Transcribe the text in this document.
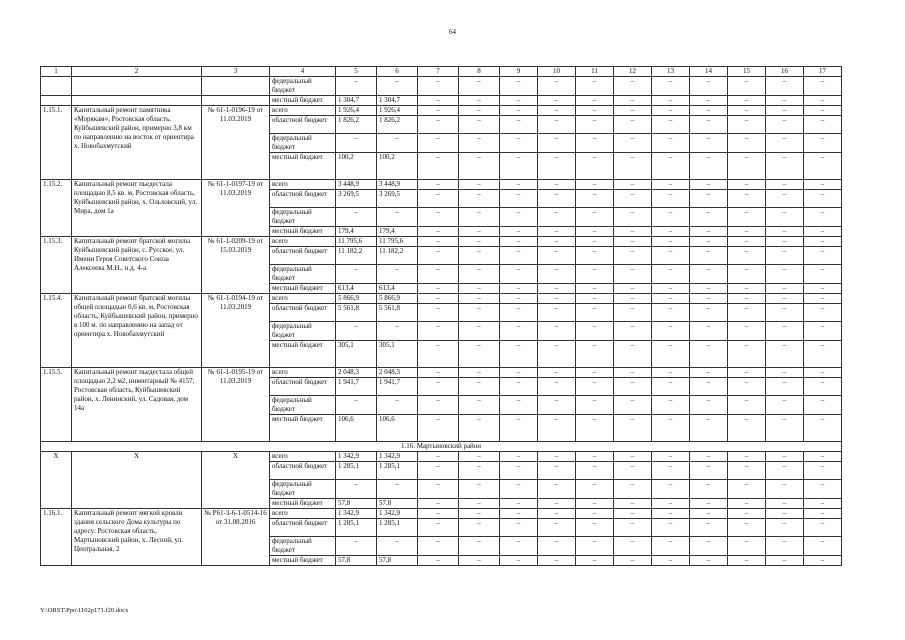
64
1	2	3	4	5	6	7	8	9	10	11	12	13	14	15	16	17
			федеральный бюджет	–	–	–	–	–	–	–	–	–	–	–	–	–
			местный бюджет	1 304,7	1 304,7	–	–	–	–	–	–	–	–	–	–	–
1.15.1.	Капитальный ремонт памятника «Морякам», Ростовская область, Куйбышевский район, примерно 3,8 км по направлению на восток от ориентира х. Новобахмутский	№ 61-1-0196-19 от 11.03.2019	всего	1 926,4	1 926,4	–	–	–	–	–	–	–	–	–	–	–
			областной бюджет	1 826,2	1 826,2	–	–	–	–	–	–	–	–	–	–	–
			федеральный бюджет	–	–	–	–	–	–	–	–	–	–	–	–	–
			местный бюджет	100,2	100,2	–	–	–	–	–	–	–	–	–	–	–
1.15.2.	Капитальный ремонт пьедестала площадью 8,5 кв. м, Ростовская область, Куйбышевский район, х. Ольховский, ул. Мира, дом 1а	№ 61-1-0197-19 от 11.03.2019	всего	3 448,9	3 448,9	–	–	–	–	–	–	–	–	–	–	–
			областной бюджет	3 269,5	3 269,5	–	–	–	–	–	–	–	–	–	–	–
			федеральный бюджет	–	–	–	–	–	–	–	–	–	–	–	–	–
			местный бюджет	179,4	179,4	–	–	–	–	–	–	–	–	–	–	–
1.15.3.	Капитальный ремонт братской могилы Куйбышевский район, с. Русское, ул. Имени Героя Советского Союза Алексеева М.Н., н.д. 4-а	№ 61-1-0209-19 от 15.03.2019	всего	11 795,6	11 795,6	–	–	–	–	–	–	–	–	–	–	–
			областной бюджет	11 182,2	11 182,2	–	–	–	–	–	–	–	–	–	–	–
			федеральный бюджет	–	–	–	–	–	–	–	–	–	–	–	–	–
			местный бюджет	613,4	613,4	–	–	–	–	–	–	–	–	–	–	–
1.15.4.	Капитальный ремонт братской могилы общей площадью 0,6 кв. м, Ростовская область, Куйбышевский район, примерно в 100 м. по направлению на запад от ориентира х. Новобахмутский	№ 61-1-0194-19 от 11.03.2019	всего	5 866,9	5 866,9	–	–	–	–	–	–	–	–	–	–	–
			областной бюджет	5 561,8	5 561,8	–	–	–	–	–	–	–	–	–	–	–
			федеральный бюджет	–	–	–	–	–	–	–	–	–	–	–	–	–
			местный бюджет	305,1	305,1	–	–	–	–	–	–	–	–	–	–	–
1.15.5.	Капитальный ремонт пьедестала общей площадью 2,2 м2, инвентарный № 4157, Ростовская область, Куйбышевский район, х. Ленинский, ул. Садовая, дом 14а	№ 61-1-0195-19 от 11.03.2019	всего	2 048,3	2 048,3	–	–	–	–	–	–	–	–	–	–	–
			областной бюджет	1 941,7	1 941,7	–	–	–	–	–	–	–	–	–	–	–
			федеральный бюджет	–	–	–	–	–	–	–	–	–	–	–	–	–
			местный бюджет	106,6	106,6	–	–	–	–	–	–	–	–	–	–	–
1.16. Мартыновский район																
Х	Х	Х	всего	1 342,9	1 342,9	–	–	–	–	–	–	–	–	–	–	–
			областной бюджет	1 285,1	1 285,1	–	–	–	–	–	–	–	–	–	–	–
			федеральный бюджет	–	–	–	–	–	–	–	–	–	–	–	–	–
			местный бюджет	57,8	57,8	–	–	–	–	–	–	–	–	–	–	–
1.16.1.	Капитальный ремонт мягкой кровли здания сельского Дома культуры по адресу: Ростовская область, Мартыновский район, х. Лесной, ул. Центральная, 2	№ Р61-3-6-1-0514-16 от 31.08.2016	всего	1 342,9	1 342,9	–	–	–	–	–	–	–	–	–	–	–
			областной бюджет	1 285,1	1 285,1	–	–	–	–	–	–	–	–	–	–	–
			федеральный бюджет	–	–	–	–	–	–	–	–	–	–	–	–	–
			местный бюджет	57,8	57,8	–	–	–	–	–	–	–	–	–	–	–
Y:\ORST\Ppo\1102p171.f20.docx
